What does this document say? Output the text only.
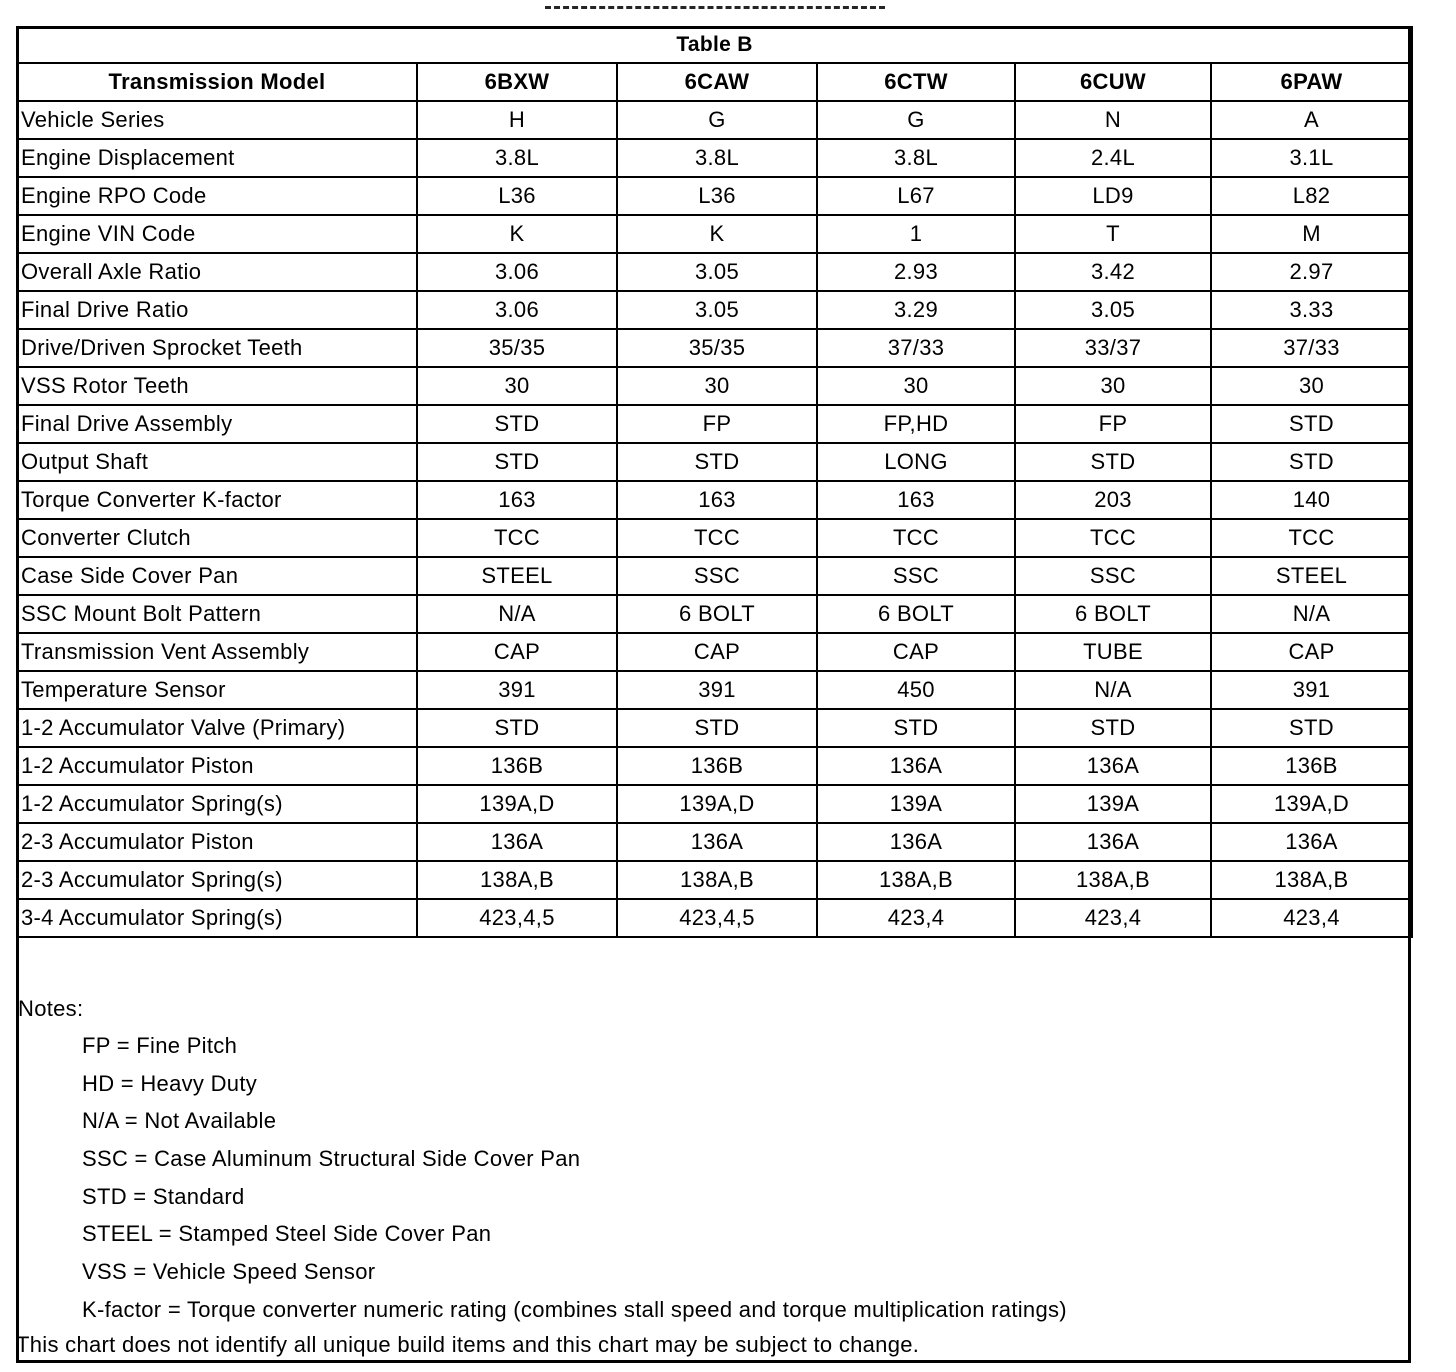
Table B					
Transmission Model	6BXW	6CAW	6CTW	6CUW	6PAW
Vehicle Series	H	G	G	N	A
Engine Displacement	3.8L	3.8L	3.8L	2.4L	3.1L
Engine RPO Code	L36	L36	L67	LD9	L82
Engine VIN Code	K	K	1	T	M
Overall Axle Ratio	3.06	3.05	2.93	3.42	2.97
Final Drive Ratio	3.06	3.05	3.29	3.05	3.33
Drive/Driven Sprocket Teeth	35/35	35/35	37/33	33/37	37/33
VSS Rotor Teeth	30	30	30	30	30
Final Drive Assembly	STD	FP	FP,HD	FP	STD
Output Shaft	STD	STD	LONG	STD	STD
Torque Converter K-factor	163	163	163	203	140
Converter Clutch	TCC	TCC	TCC	TCC	TCC
Case Side Cover Pan	STEEL	SSC	SSC	SSC	STEEL
SSC Mount Bolt Pattern	N/A	6 BOLT	6 BOLT	6 BOLT	N/A
Transmission Vent Assembly	CAP	CAP	CAP	TUBE	CAP
Temperature Sensor	391	391	450	N/A	391
1-2 Accumulator Valve (Primary)	STD	STD	STD	STD	STD
1-2 Accumulator Piston	136B	136B	136A	136A	136B
1-2 Accumulator Spring(s)	139A,D	139A,D	139A	139A	139A,D
2-3 Accumulator Piston	136A	136A	136A	136A	136A
2-3 Accumulator Spring(s)	138A,B	138A,B	138A,B	138A,B	138A,B
3-4 Accumulator Spring(s)	423,4,5	423,4,5	423,4	423,4	423,4
Notes:
FP = Fine Pitch
HD = Heavy Duty
N/A = Not Available
SSC = Case Aluminum Structural Side Cover Pan
STD = Standard
STEEL = Stamped Steel Side Cover Pan
VSS = Vehicle Speed Sensor
K-factor = Torque converter numeric rating (combines stall speed and torque multiplication ratings)
This chart does not identify all unique build items and this chart may be subject to change.
